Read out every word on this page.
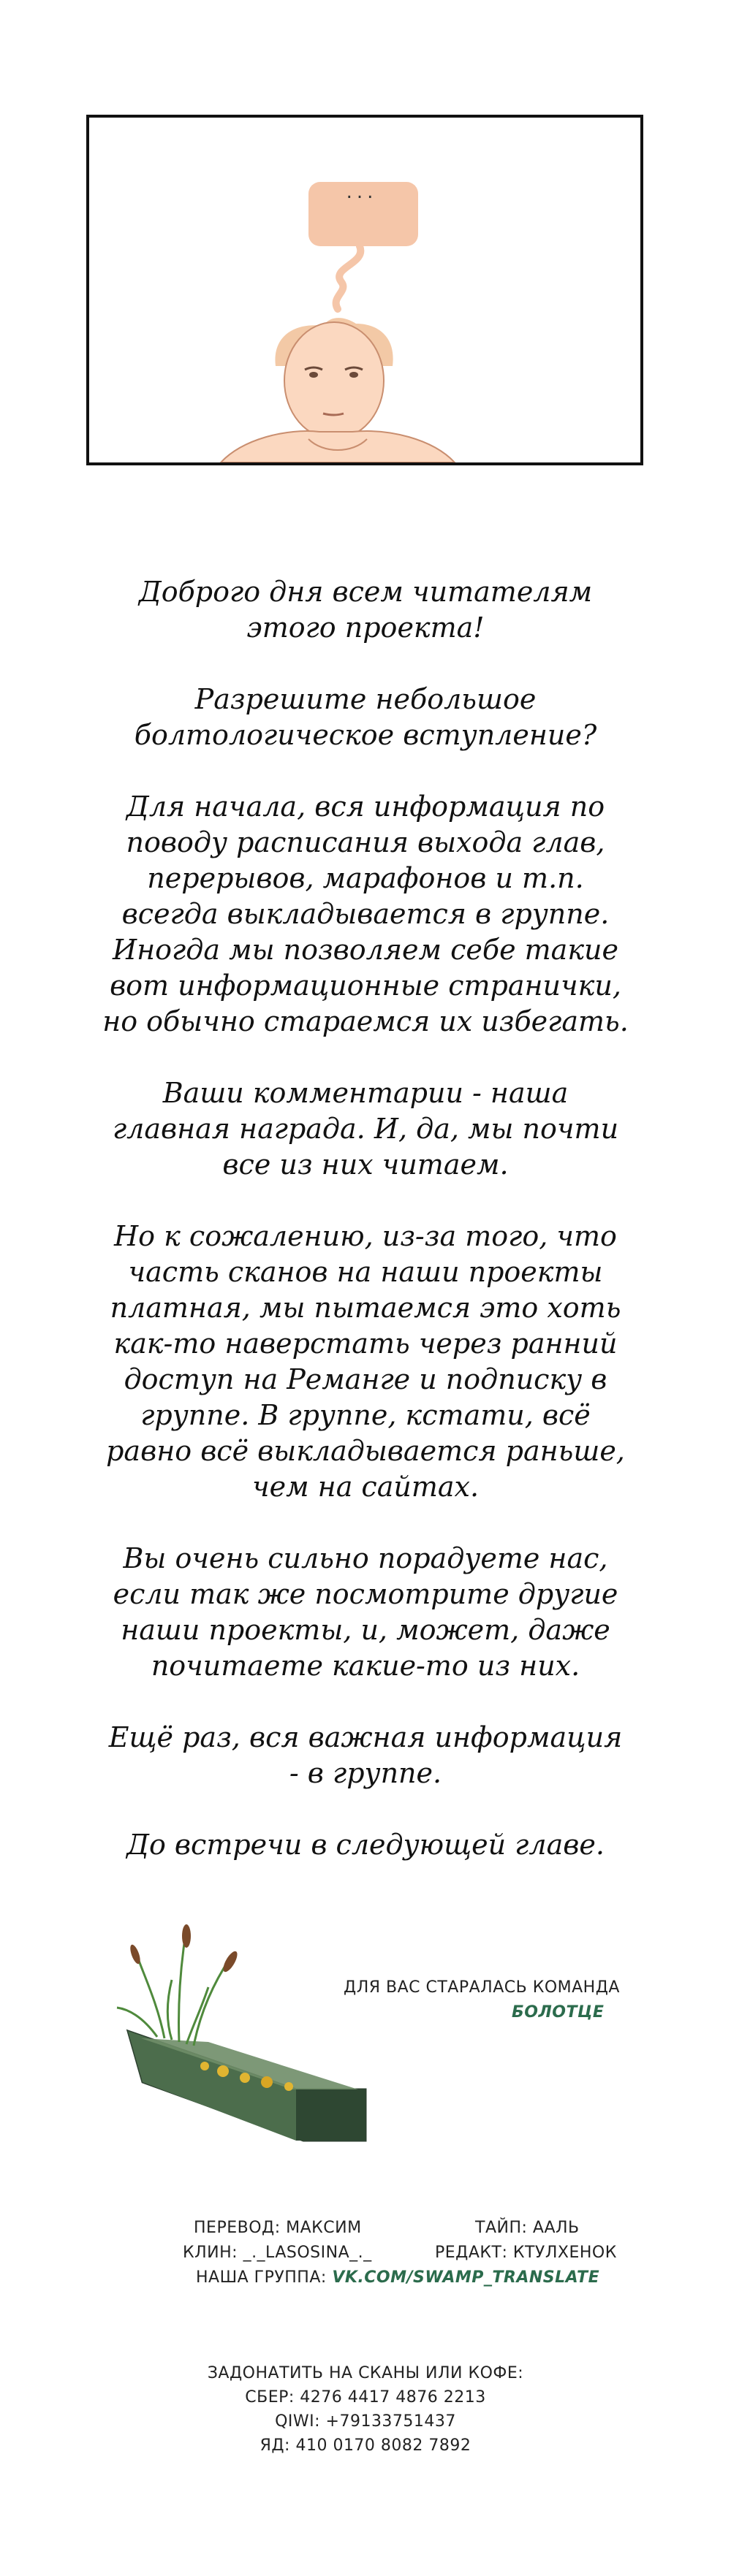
...

Доброго дня всем читателям этого проекта!

Разрешите небольшое болтологическое вступление?

Для начала, вся информация по поводу расписания выхода глав, перерывов, марафонов и т.п. всегда выкладывается в группе. Иногда мы позволяем себе такие вот информационные странички, но обычно стараемся их избегать.

Ваши комментарии - наша главная награда. И, да, мы почти все из них читаем.

Но к сожалению, из-за того, что часть сканов на наши проекты платная, мы пытаемся это хоть как-то наверстать через ранний доступ на Реманге и подписку в группе. В группе, кстати, всё равно всё выкладывается раньше, чем на сайтах.

Вы очень сильно порадуете нас, если так же посмотрите другие наши проекты, и, может, даже почитаете какие-то из них.

Ещё раз, вся важная информация - в группе.

До встречи в следующей главе.

ДЛЯ ВАС СТАРАЛАСЬ КОМАНДА
БОЛОТЦЕ
ПЕРЕВОД: МАКСИМ	ТАЙП: ААЛЬ
КЛИН: _._LASOSINA_._	РЕДАКТ: КТУЛХЕНОК
НАША ГРУППА: VK.COM/SWAMP_TRANSLATE
ЗАДОНАТИТЬ НА СКАНЫ ИЛИ КОФЕ:
СБЕР: 4276 4417 4876 2213
QIWI: +79133751437
ЯД: 410 0170 8082 7892
